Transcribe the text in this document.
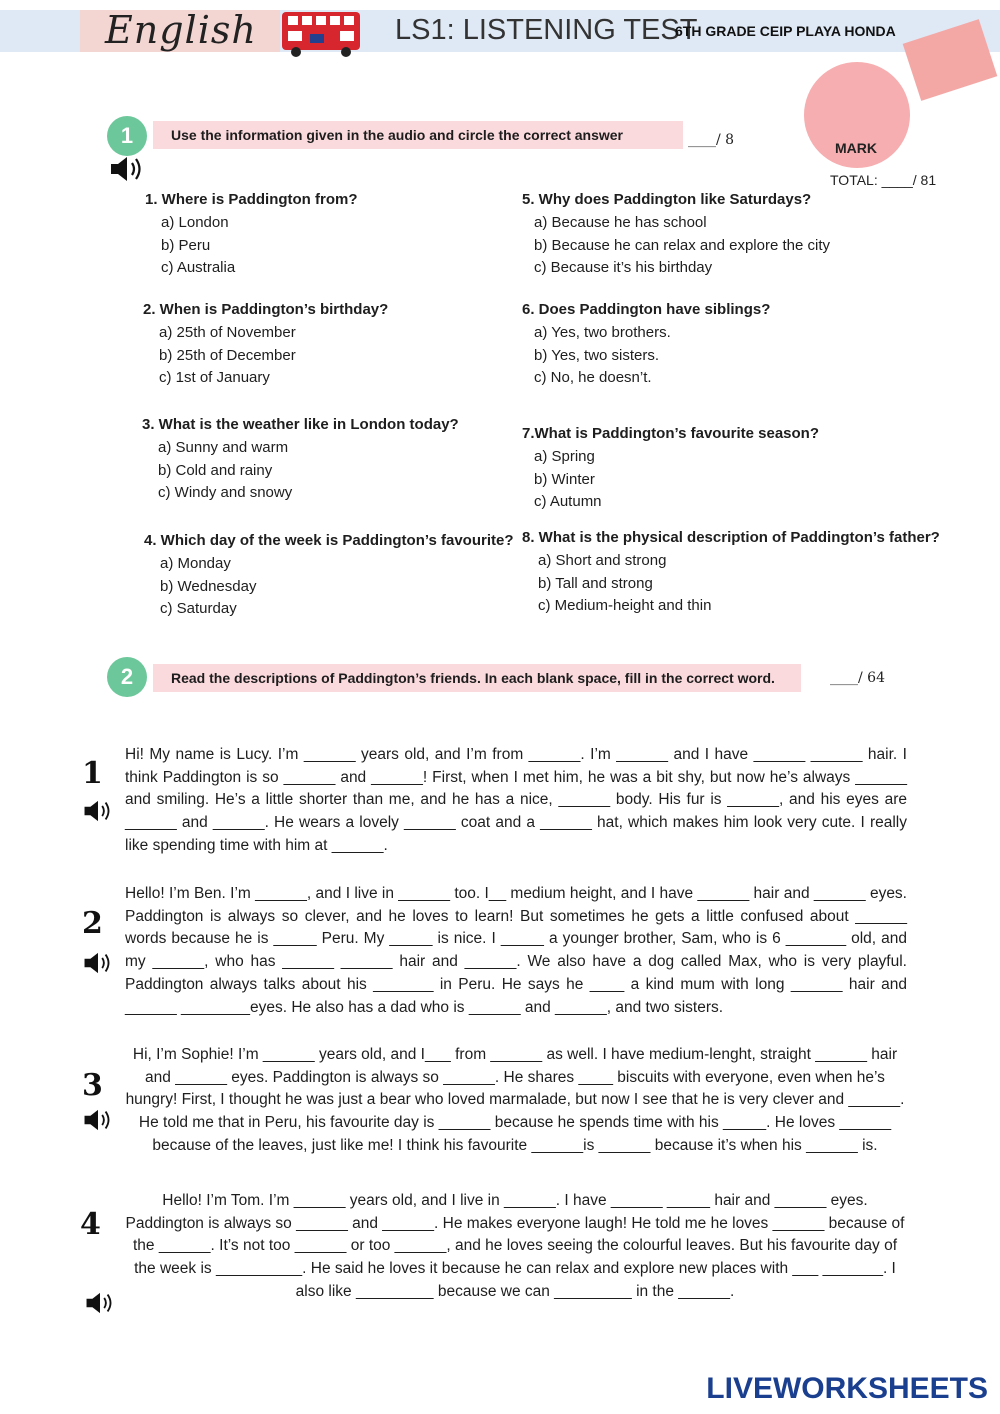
English	LS1: LISTENING TEST
6TH GRADE CEIP PLAYA HONDA
MARK
TOTAL: ____/ 81
1	Use the information given in the audio and circle the correct answer	____/ 8
1. Where is Paddington from?
a) London
b) Peru
c) Australia
2. When is Paddington’s birthday?
a) 25th of November
b) 25th of December
c) 1st of January
3. What is the weather like in London today?
a) Sunny and warm
b) Cold and rainy
c) Windy and snowy
4. Which day of the week is Paddington’s favourite?
a) Monday
b) Wednesday
c) Saturday
5. Why does Paddington like Saturdays?
a) Because he has school
b) Because he can relax and explore the city
c) Because it’s his birthday
6. Does Paddington have siblings?
a) Yes, two brothers.
b) Yes, two sisters.
c) No, he doesn’t.
7.What is Paddington’s favourite season?
a) Spring
b) Winter
c) Autumn
8. What is the physical description of Paddington’s father?
a) Short and strong
b) Tall and strong
c) Medium-height and thin
2	Read the descriptions of Paddington’s friends. In each blank space, fill in the correct word.	____/ 64
1
Hi! My name is Lucy. I’m ______ years old, and I’m from ______. I’m ______ and I have ______ ______ hair. I think Paddington is so ______ and ______! First, when I met him, he was a bit shy, but now he’s always ______ and smiling. He’s a little shorter than me, and he has a nice, ______ body. His fur is ______, and his eyes are ______ and ______. He wears a lovely ______ coat and a ______ hat, which makes him look very cute. I really like spending time with him at ______.
2
Hello! I’m Ben. I’m ______, and I live in ______ too. I__ medium height, and I have ______ hair and ______ eyes. Paddington is always so clever, and he loves to learn! But sometimes he gets a little confused about ______ words because he is _____ Peru. My _____ is nice. I _____ a younger brother, Sam, who is 6 _______ old, and my ______, who has ______ ______ hair and ______. We also have a dog called Max, who is very playful. Paddington always talks about his _______ in Peru. He says he ____ a kind mum with long ______ hair and ______ ________eyes. He also has a dad who is ______ and ______, and two sisters.
3
Hi, I’m Sophie! I’m ______ years old, and I___ from ______ as well. I have medium-lenght, straight ______ hair and ______ eyes. Paddington is always so ______. He shares ____ biscuits with everyone, even when he’s hungry! First, I thought he was just a bear who loved marmalade, but now I see that he is very clever and ______. He told me that in Peru, his favourite day is ______ because he spends time with his _____. He loves ______ because of the leaves, just like me! I think his favourite ______is ______ because it’s when his ______ is.
4
Hello! I’m Tom. I’m ______ years old, and I live in ______. I have ______ _____ hair and ______ eyes. Paddington is always so ______ and ______. He makes everyone laugh! He told me he loves ______ because of the ______. It’s not too ______ or too ______, and he loves seeing the colourful leaves. But his favourite day of the week is __________. He said he loves it because he can relax and explore new places with ___ _______. I also like _________ because we can _________ in the ______.
LIVEWORKSHEETS
